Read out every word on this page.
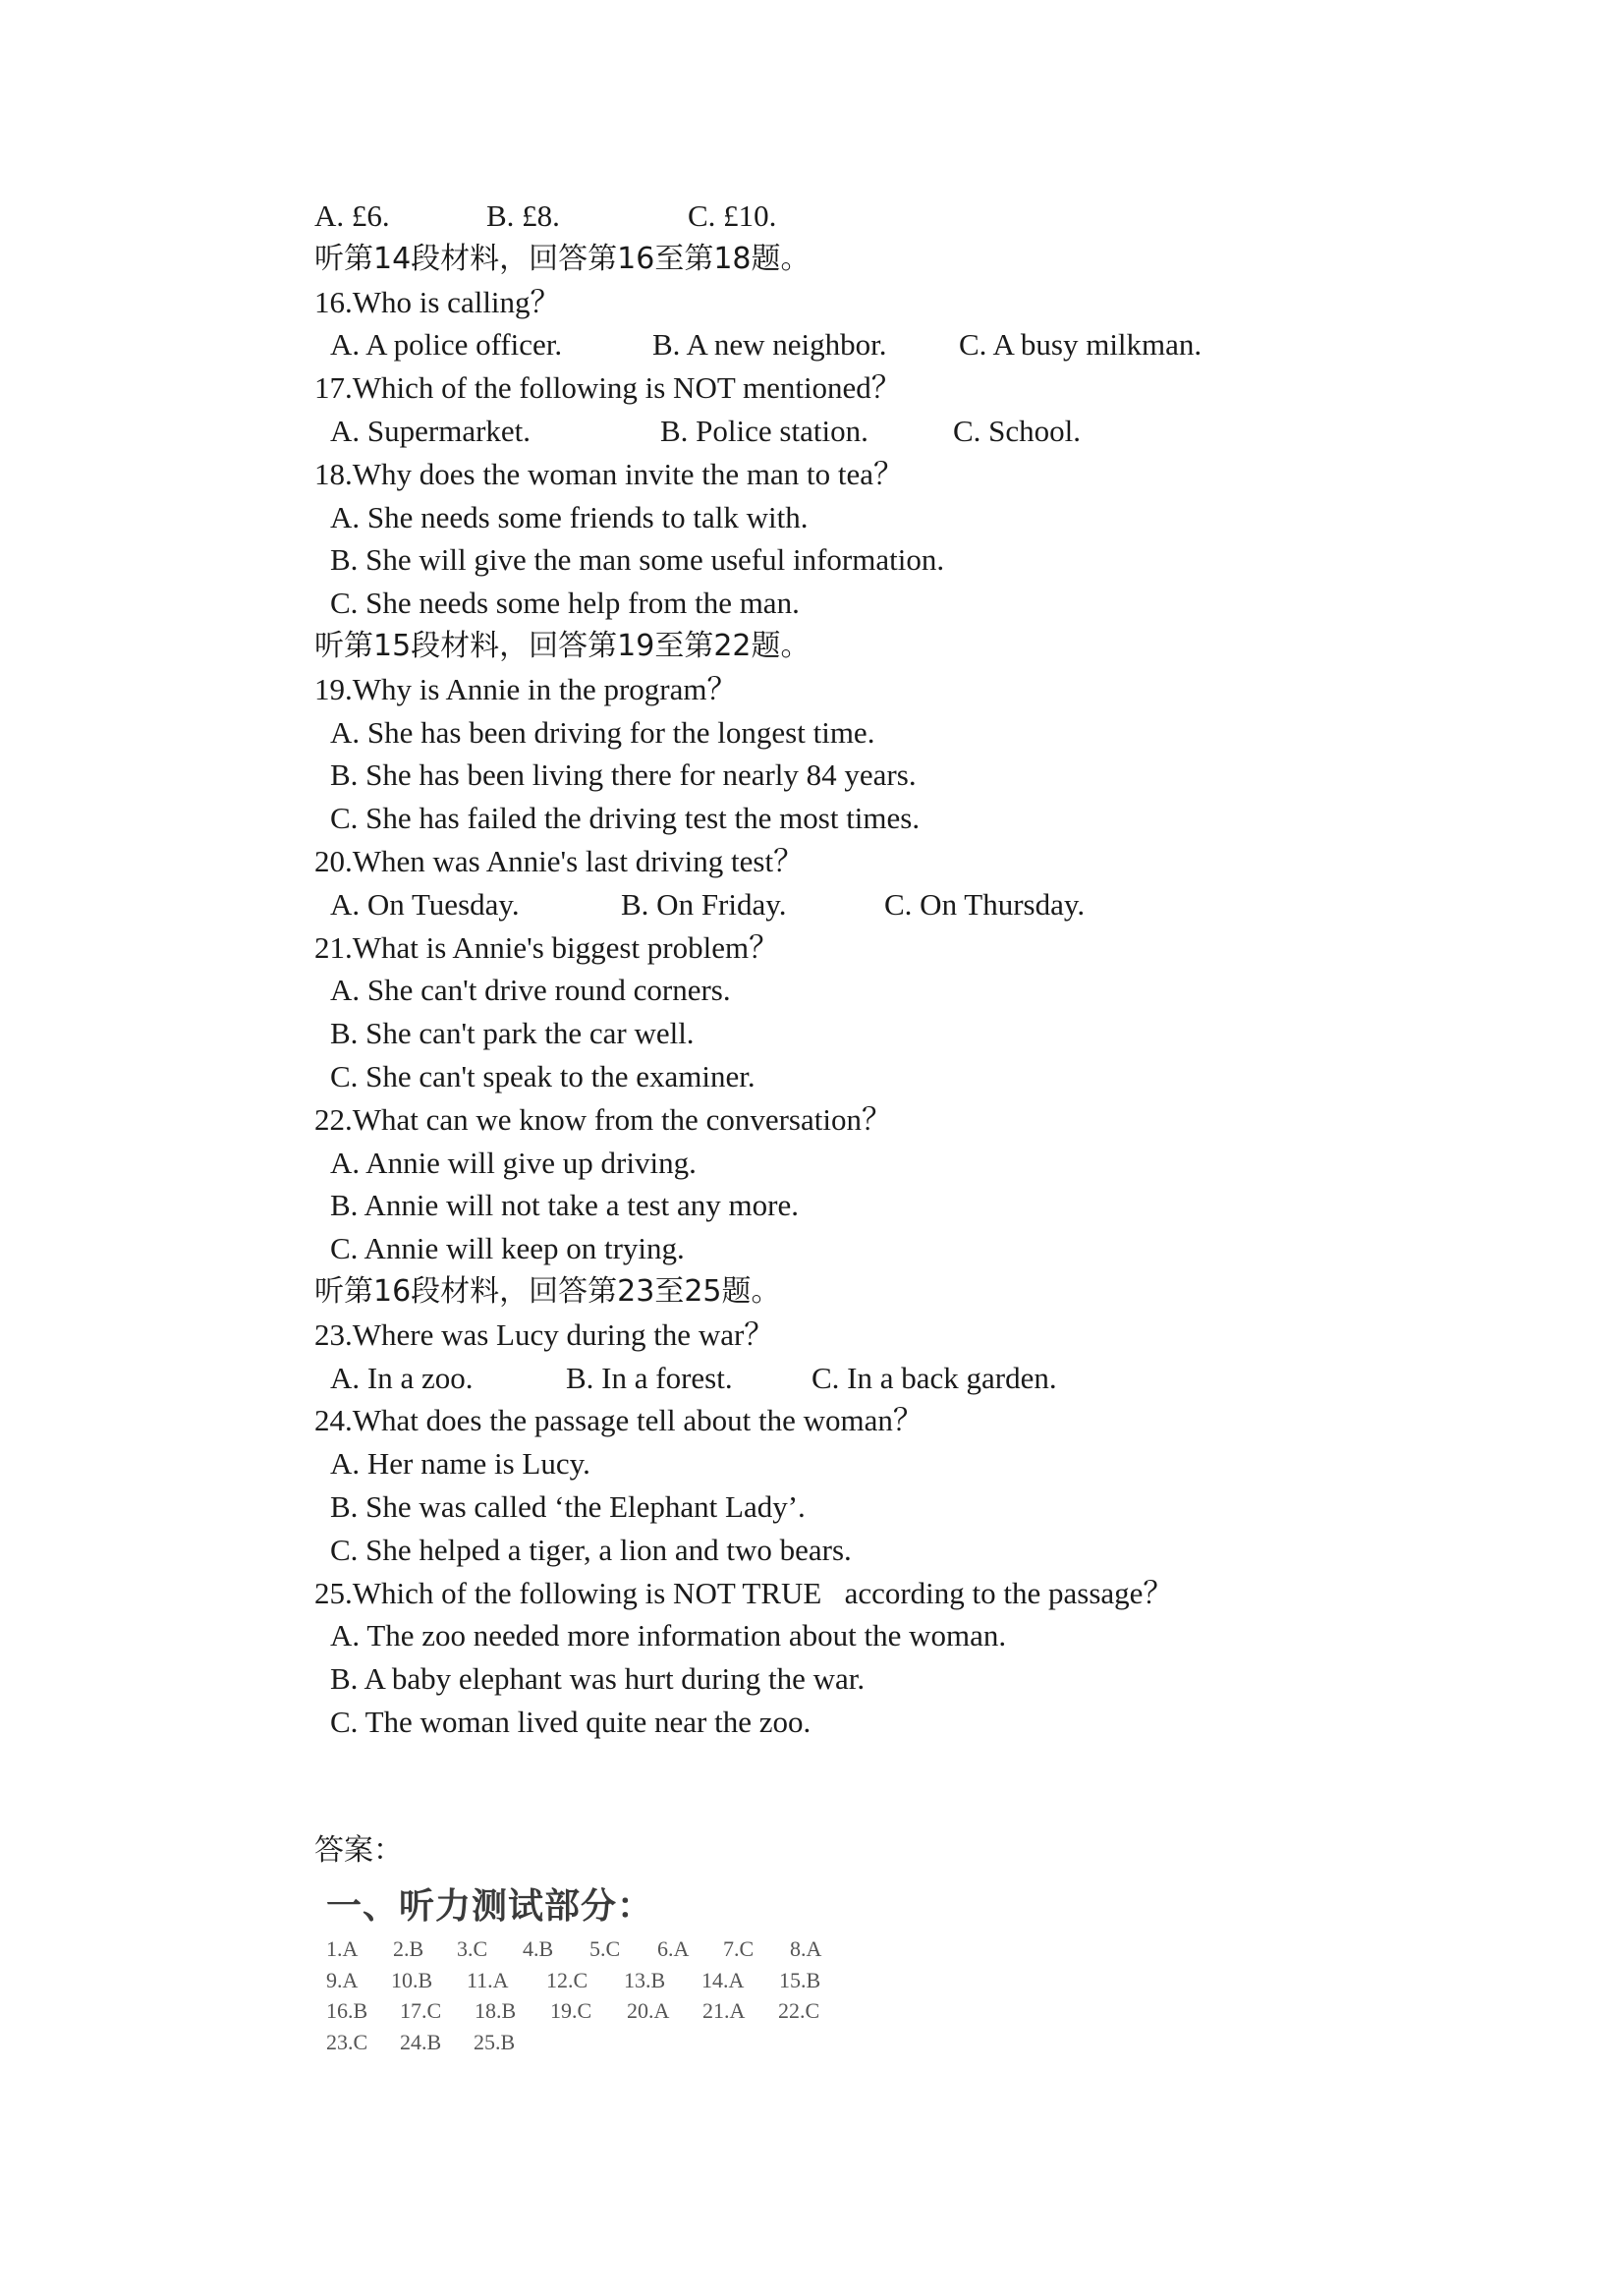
A. £6.	B. £8.	C. £10.
听第14段材料，回答第16至第18题。
16.Who is calling？
A. A police officer.	B. A new neighbor. C. A busy milkman.
17.Which of the following is NOT mentioned？
A. Supermarket.	B. Police station.	C. School.
18.Why does the woman invite the man to tea？
A. She needs some friends to talk with.
B. She will give the man some useful information.
C. She needs some help from the man.
听第15段材料，回答第19至第22题。
19.Why is Annie in the program？
A. She has been driving for the longest time.
B. She has been living there for nearly 84 years.
C. She has failed the driving test the most times.
20.When was Annie's last driving test？
A. On Tuesday.	B. On Friday.	C. On Thursday.
21.What is Annie's biggest problem？
A. She can't drive round corners.
B. She can't park the car well.
C. She can't speak to the examiner.
22.What can we know from the conversation？
A. Annie will give up driving.
B. Annie will not take a test any more.
C. Annie will keep on trying.
听第16段材料，回答第23至25题。
23.Where was Lucy during the war？
A. In a zoo.	B. In a forest.	C. In a back garden.
24.What does the passage tell about the woman？
A. Her name is Lucy.
B. She was called ‘the Elephant Lady’.
C. She helped a tiger, a lion and two bears.
25.Which of the following is NOT TRUE   according to the passage？
A. The zoo needed more information about the woman.
B. A baby elephant was hurt during the war.
C. The woman lived quite near the zoo.
答案：
一、听力测试部分：
1.A 2.B 3.C 4.B 5.C 6.A 7.C 8.A
9.A 10.B 11.A 12.C 13.B 14.A 15.B
16.B 17.C 18.B 19.C 20.A 21.A 22.C
23.C 24.B 25.B
